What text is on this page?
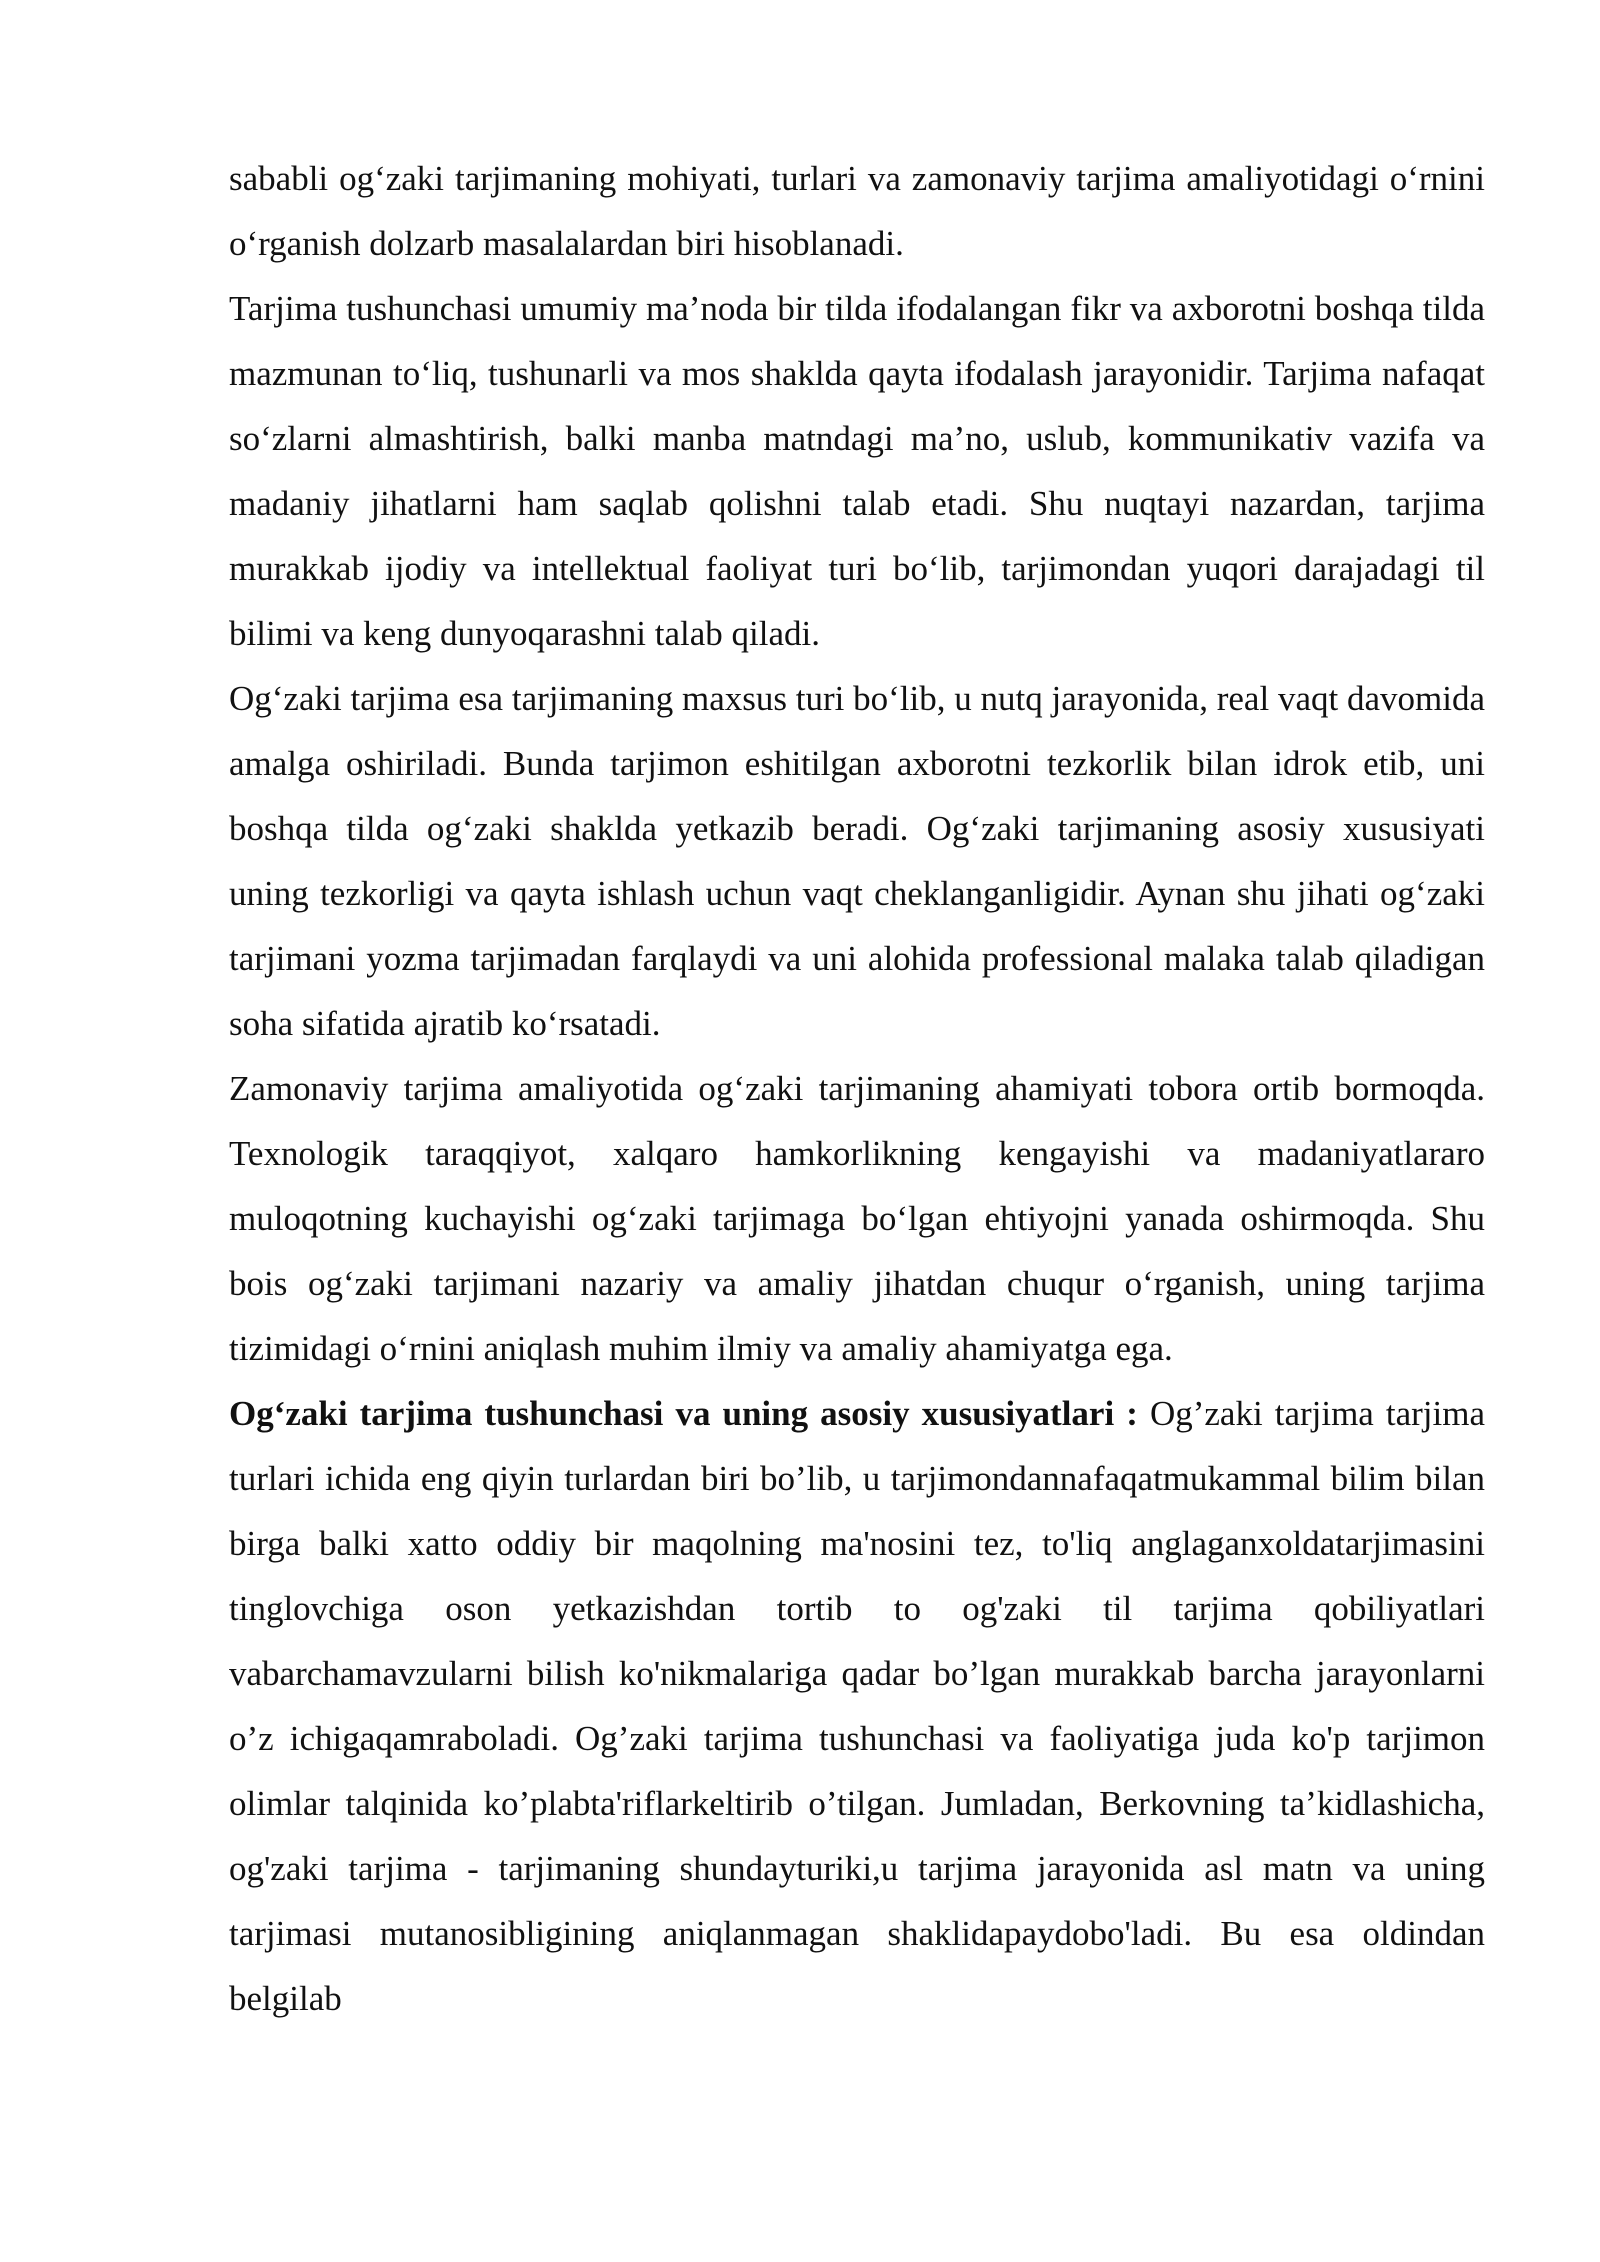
sababli og‘zaki tarjimaning mohiyati, turlari va zamonaviy tarjima amaliyotidagi o‘rnini o‘rganish dolzarb masalalardan biri hisoblanadi.

Tarjima tushunchasi umumiy ma’noda bir tilda ifodalangan fikr va axborotni boshqa tilda mazmunan to‘liq, tushunarli va mos shaklda qayta ifodalash jarayonidir. Tarjima nafaqat so‘zlarni almashtirish, balki manba matndagi ma’no, uslub, kommunikativ vazifa va madaniy jihatlarni ham saqlab qolishni talab etadi. Shu nuqtayi nazardan, tarjima murakkab ijodiy va intellektual faoliyat turi bo‘lib, tarjimondan yuqori darajadagi til bilimi va keng dunyoqarashni talab qiladi.

Og‘zaki tarjima esa tarjimaning maxsus turi bo‘lib, u nutq jarayonida, real vaqt davomida amalga oshiriladi. Bunda tarjimon eshitilgan axborotni tezkorlik bilan idrok etib, uni boshqa tilda og‘zaki shaklda yetkazib beradi. Og‘zaki tarjimaning asosiy xususiyati uning tezkorligi va qayta ishlash uchun vaqt cheklanganligidir. Aynan shu jihati og‘zaki tarjimani yozma tarjimadan farqlaydi va uni alohida professional malaka talab qiladigan soha sifatida ajratib ko‘rsatadi.

Zamonaviy tarjima amaliyotida og‘zaki tarjimaning ahamiyati tobora ortib bormoqda. Texnologik taraqqiyot, xalqaro hamkorlikning kengayishi va madaniyatlararo muloqotning kuchayishi og‘zaki tarjimaga bo‘lgan ehtiyojni yanada oshirmoqda. Shu bois og‘zaki tarjimani nazariy va amaliy jihatdan chuqur o‘rganish, uning tarjima tizimidagi o‘rnini aniqlash muhim ilmiy va amaliy ahamiyatga ega.

Og‘zaki tarjima tushunchasi va uning asosiy xususiyatlari : Og’zaki tarjima tarjima turlari ichida eng qiyin turlardan biri bo’lib, u tarjimondannafaqatmukammal bilim bilan birga balki xatto oddiy bir maqolning ma'nosini tez, to'liq anglaganxoldatarjimasini tinglovchiga oson yetkazishdan tortib to og'zaki til tarjima qobiliyatlari vabarchamavzularni bilish ko'nikmalariga qadar bo’lgan murakkab barcha jarayonlarni o’z ichigaqamraboladi. Og’zaki tarjima tushunchasi va faoliyatiga juda ko'p tarjimon olimlar talqinida ko’plabta'riflarkeltirib o’tilgan. Jumladan, Berkovning ta’kidlashicha, og'zaki tarjima - tarjimaning shundayturiki,u tarjima jarayonida asl matn va uning tarjimasi mutanosibligining aniqlanmagan shaklidapaydobo'ladi. Bu esa oldindan belgilab
